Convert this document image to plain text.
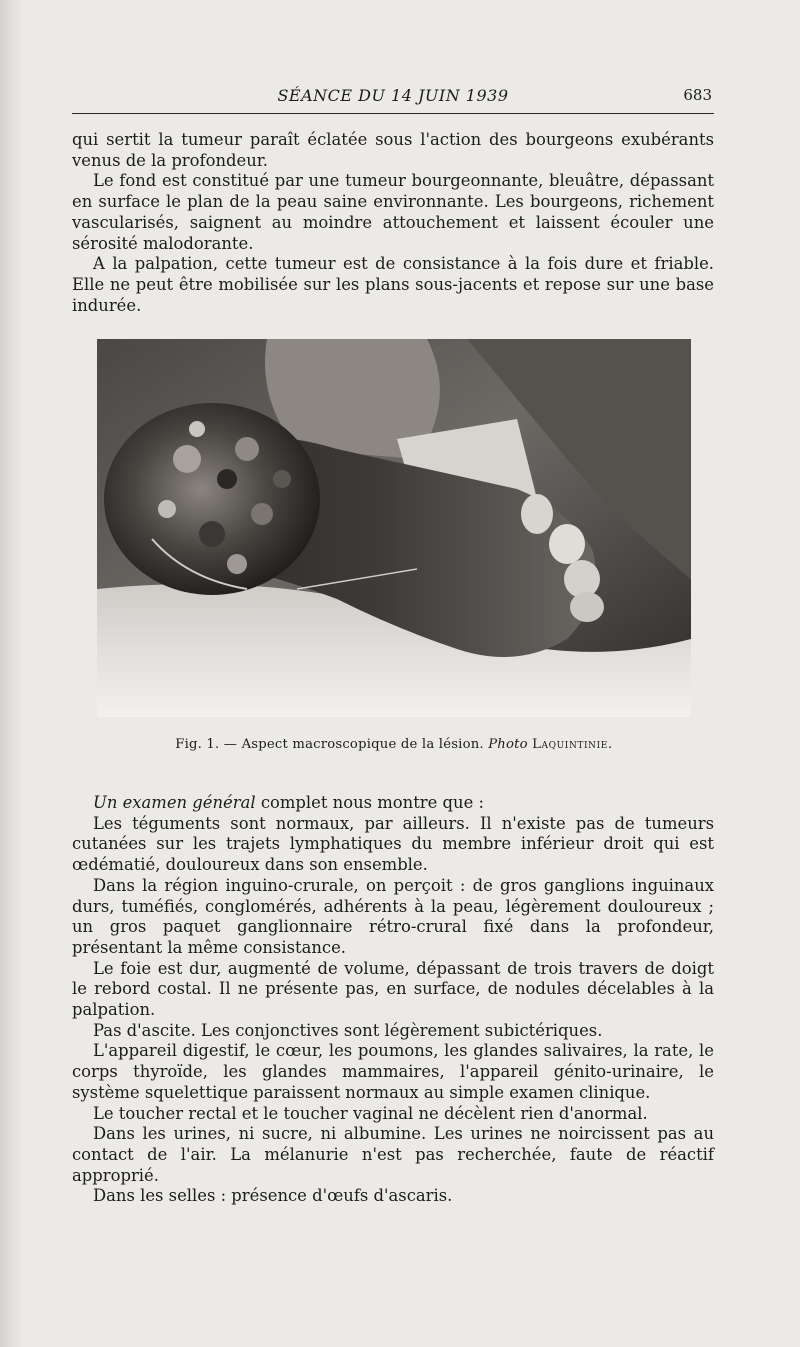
SÉANCE DU 14 JUIN 1939	683

qui sertit la tumeur paraît éclatée sous l'action des bourgeons exubérants venus de la profondeur.

Le fond est constitué par une tumeur bourgeonnante, bleuâtre, dépassant en surface le plan de la peau saine environnante. Les bourgeons, richement vascularisés, saignent au moindre attouchement et laissent écouler une sérosité malodorante.

A la palpation, cette tumeur est de consistance à la fois dure et friable. Elle ne peut être mobilisée sur les plans sous-jacents et repose sur une base indurée.

Fig. 1. — Aspect macroscopique de la lésion. Photo Laquintinie.

Un examen général complet nous montre que :

Les téguments sont normaux, par ailleurs. Il n'existe pas de tumeurs cutanées sur les trajets lymphatiques du membre inférieur droit qui est œdématié, douloureux dans son ensemble.

Dans la région inguino-crurale, on perçoit : de gros ganglions inguinaux durs, tuméfiés, conglomérés, adhérents à la peau, légèrement douloureux ; un gros paquet ganglionnaire rétro-crural fixé dans la profondeur, présentant la même consistance.

Le foie est dur, augmenté de volume, dépassant de trois travers de doigt le rebord costal. Il ne présente pas, en surface, de nodules décelables à la palpation.

Pas d'ascite. Les conjonctives sont légèrement subictériques.

L'appareil digestif, le cœur, les poumons, les glandes salivaires, la rate, le corps thyroïde, les glandes mammaires, l'appareil génito-urinaire, le système squelettique paraissent normaux au simple examen clinique.

Le toucher rectal et le toucher vaginal ne décèlent rien d'anormal.

Dans les urines, ni sucre, ni albumine. Les urines ne noircissent pas au contact de l'air. La mélanurie n'est pas recherchée, faute de réactif approprié.

Dans les selles : présence d'œufs d'ascaris.
